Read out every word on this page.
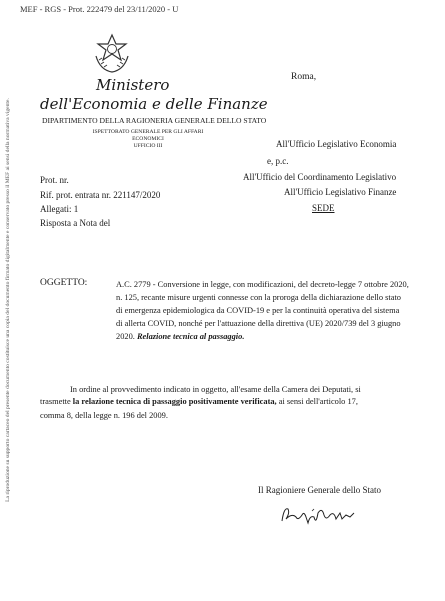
MEF - RGS - Prot. 222479 del 23/11/2020 - U
La riproduzione su supporto cartaceo del presente documento costituisce una copia del documento firmato digitalmente e conservato presso il MEF ai sensi della normativa vigente.
Ministero
dell'Economia e delle Finanze
DIPARTIMENTO DELLA RAGIONERIA GENERALE DELLO STATO
ISPETTORATO GENERALE PER GLI AFFARI ECONOMICI
UFFICIO III
Roma,
All'Ufficio Legislativo Economia
e, p.c.
All'Ufficio del Coordinamento Legislativo
All'Ufficio Legislativo Finanze
SEDE
Prot. nr.
Rif. prot. entrata nr. 221147/2020
Allegati: 1
Risposta a Nota del
OGGETTO:	A.C. 2779 - Conversione in legge, con modificazioni, del decreto-legge 7 ottobre 2020,
n. 125, recante misure urgenti connesse con la proroga della dichiarazione dello stato
di emergenza epidemiologica da COVID-19 e per la continuità operativa del sistema
di allerta COVID, nonché per l'attuazione della direttiva (UE) 2020/739 del 3 giugno
2020. Relazione tecnica al passaggio.
In ordine al provvedimento indicato in oggetto, all'esame della Camera dei Deputati, si
trasmette la relazione tecnica di passaggio positivamente verificata, ai sensi dell'articolo 17,
comma 8, della legge n. 196 del 2009.
Il Ragioniere Generale dello Stato
